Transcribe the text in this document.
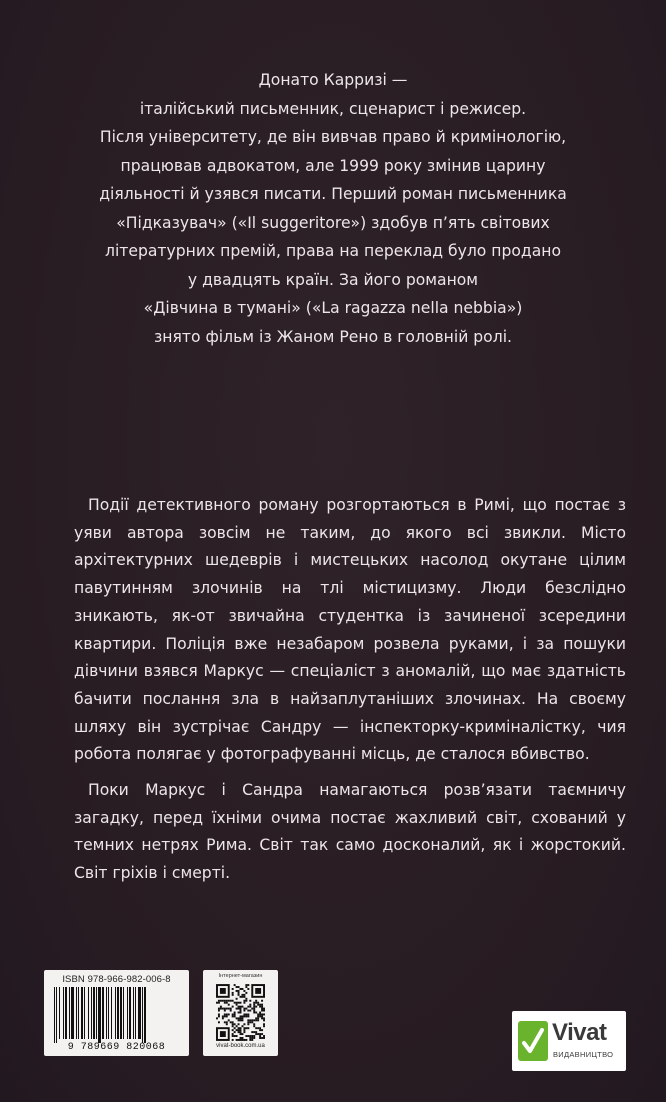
Донато Карризі —

італійський письменник, сценарист і режисер.

Після університету, де він вивчав право й кримінологію,

працював адвокатом, але 1999 року змінив царину

діяльності й узявся писати. Перший роман письменника

«Підказувач» («Il suggeritore») здобув п’ять світових

літературних премій, права на переклад було продано

у двадцять країн. За його романом

«Дівчина в тумані» («La ragazza nella nebbia»)

знято фільм із Жаном Рено в головній ролі.

Події детективного роману розгортаються в Римі, що постає з уяви автора зовсім не таким, до якого всі звикли. Місто архітектурних шедеврів і мистецьких насолод окутане цілим павутинням злочинів на тлі містицизму. Люди безслідно зникають, як-от звичайна студентка із зачиненої зсередини квартири. Поліція вже незабаром розвела руками, і за пошуки дівчини взявся Маркус — спеціаліст з аномалій, що має здатність бачити послання зла в найзаплутаніших злочинах. На своєму шляху він зустрічає Сандру — інспекторку-криміналістку, чия робота полягає у фотографуванні місць, де сталося вбивство.

Поки Маркус і Сандра намагаються розв’язати таємничу загадку, перед їхніми очима постає жахливий світ, схований у темних нетрях Рима. Світ так само досконалий, як і жорстокий. Світ гріхів і смерті.

ISBN 978-966-982-006-8
9 789669 820068
Інтернет-магазин
vivat-book.com.ua	Vivat
ВИДАВНИЦТВО
